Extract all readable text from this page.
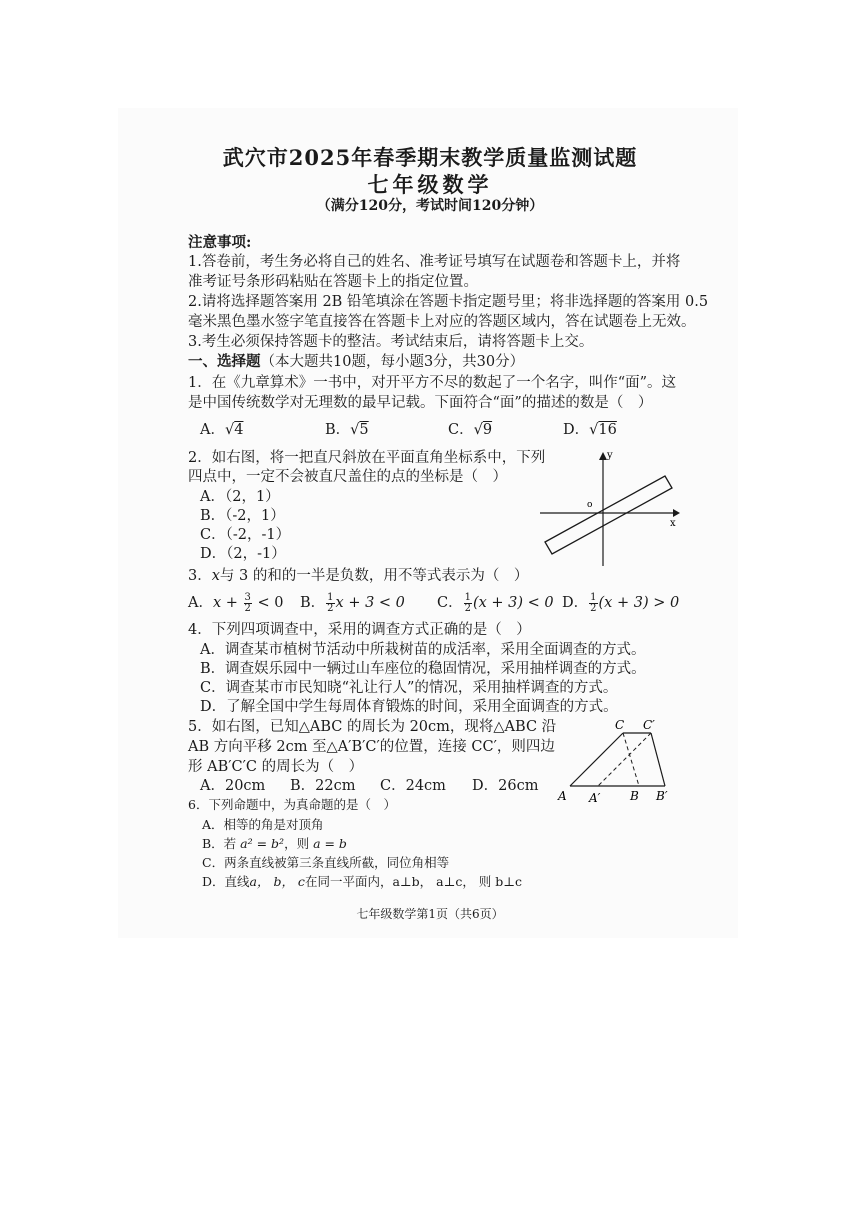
武穴市2025年春季期末教学质量监测试题
七年级数学
（满分120分，考试时间120分钟）
注意事项:
1.答卷前，考生务必将自己的姓名、准考证号填写在试题卷和答题卡上，并将
准考证号条形码粘贴在答题卡上的指定位置。
2.请将选择题答案用 2B 铅笔填涂在答题卡指定题号里；将非选择题的答案用 0.5
毫米黑色墨水签字笔直接答在答题卡上对应的答题区域内，答在试题卷上无效。
3.考生必须保持答题卡的整洁。考试结束后，请将答题卡上交。
一、选择题（本大题共10题，每小题3分，共30分）
1．在《九章算术》一书中，对开平方不尽的数起了一个名字，叫作“面”。这
是中国传统数学对无理数的最早记载。下面符合“面”的描述的数是（　）
A．√4	B．√5	C．√9	D．√16
2．如右图，将一把直尺斜放在平面直角坐标系中，下列
四点中，一定不会被直尺盖住的点的坐标是（　）
A．（2，1）
B．（-2，1）
C．（-2，-1）
D．（2，-1）
y
x
o
3．x与 3 的和的一半是负数，用不等式表示为（　）
A．$x + \frac{3}{2} < 0$ B． $\frac{1}{2}$ x + 3 < 0 C． $\frac{1}{2} (x + 3) < 0$ D． $\frac{1}{2} (x + 3) > 0$
4．下列四项调查中，采用的调查方式正确的是（　）
A．调查某市植树节活动中所栽树苗的成活率，采用全面调查的方式。
B．调查娱乐园中一辆过山车座位的稳固情况，采用抽样调查的方式。
C．调查某市市民知晓“礼让行人”的情况，采用抽样调查的方式。
D．了解全国中学生每周体育锻炼的时间，采用全面调查的方式。
5．如右图，已知△ABC 的周长为 20cm，现将△ABC 沿
AB 方向平移 2cm 至△A′B′C′的位置，连接 CC′，则四边
形 AB′C′C 的周长为（　）
A．20cm B．22cm C．24cm D．26cm
C C′
A A′ B B′
6．下列命题中，为真命题的是（　）
A．相等的角是对顶角
B．若 a² = b²，则 a = b
C．两条直线被第三条直线所截，同位角相等
D．直线a， b， c在同一平面内，a⊥b， a⊥c， 则 b⊥c
七年级数学第1页（共6页）
